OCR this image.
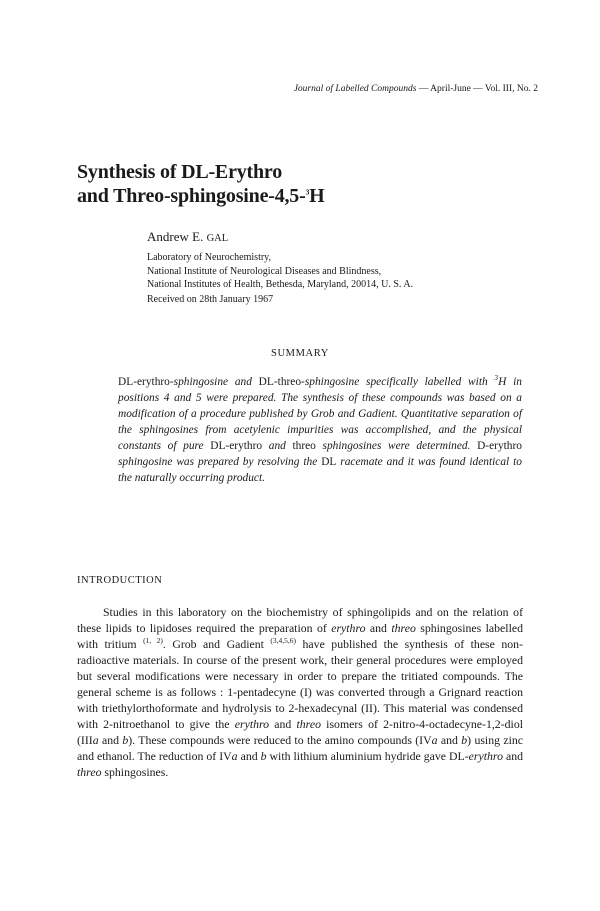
Journal of Labelled Compounds — April-June — Vol. III, No. 2
Synthesis of DL-Erythro
and Threo-sphingosine-4,5-$^3$H
Andrew E. GAL
Laboratory of Neurochemistry,
National Institute of Neurological Diseases and Blindness,
National Institutes of Health, Bethesda, Maryland, 20014, U. S. A.
Received on 28th January 1967
SUMMARY
DL-erythro-sphingosine and DL-threo-sphingosine specifically labelled with $^3$H in positions 4 and 5 were prepared. The synthesis of these compounds was based on a modification of a procedure published by Grob and Gadient. Quantitative separation of the sphingosines from acetylenic impurities was accomplished, and the physical constants of pure DL-erythro and threo sphingosines were determined. D-erythro sphingosine was prepared by resolving the DL racemate and it was found identical to the naturally occurring product.
INTRODUCTION

Studies in this laboratory on the biochemistry of sphingolipids and on the relation of these lipids to lipidoses required the preparation of erythro and threo sphingosines labelled with tritium $^{(1, 2)}$. Grob and Gadient $^{(3,4,5,6)}$ have published the synthesis of these non-radioactive materials. In course of the present work, their general procedures were employed but several modifications were necessary in order to prepare the tritiated compounds. The general scheme is as follows : 1-pentadecyne (I) was converted through a Grignard reaction with triethylorthoformate and hydrolysis to 2-hexadecynal (II). This material was condensed with 2-nitroethanol to give the erythro and threo isomers of 2-nitro-4-octadecyne-1,2-diol (IIIa and b). These compounds were reduced to the amino compounds (IVa and b) using zinc and ethanol. The reduction of IVa and b with lithium aluminium hydride gave DL-erythro and threo sphingosines.
